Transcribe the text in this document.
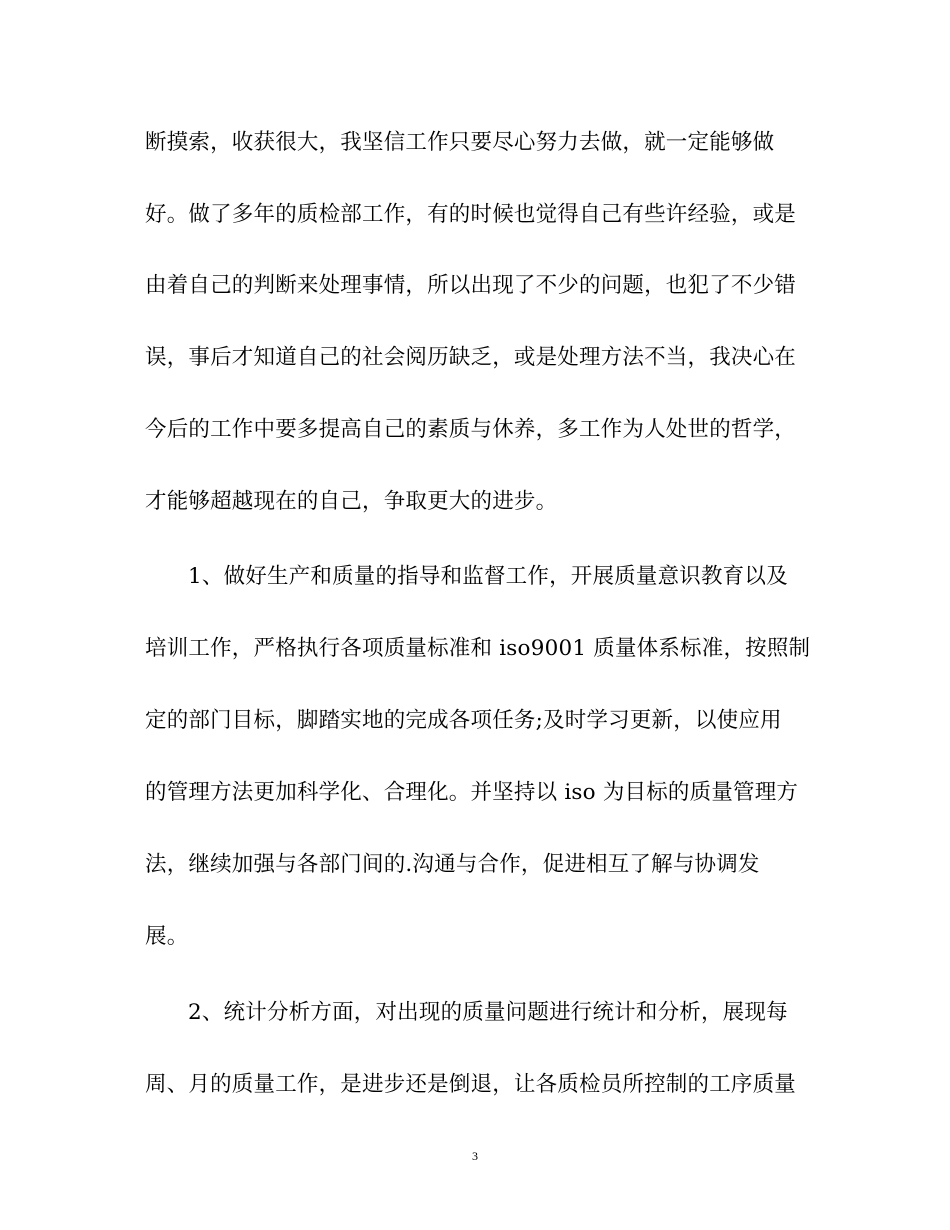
断摸索，收获很大，我坚信工作只要尽心努力去做，就一定能够做
好。做了多年的质检部工作，有的时候也觉得自己有些许经验，或是
由着自己的判断来处理事情，所以出现了不少的问题，也犯了不少错
误，事后才知道自己的社会阅历缺乏，或是处理方法不当，我决心在
今后的工作中要多提高自己的素质与休养，多工作为人处世的哲学，
才能够超越现在的自己，争取更大的进步。
1、做好生产和质量的指导和监督工作，开展质量意识教育以及
培训工作，严格执行各项质量标准和 iso9001 质量体系标准，按照制
定的部门目标，脚踏实地的完成各项任务;及时学习更新，以使应用
的管理方法更加科学化、合理化。并坚持以 iso 为目标的质量管理方
法，继续加强与各部门间的.沟通与合作，促进相互了解与协调发
展。
2、统计分析方面，对出现的质量问题进行统计和分析，展现每
周、月的质量工作，是进步还是倒退，让各质检员所控制的工序质量
3
